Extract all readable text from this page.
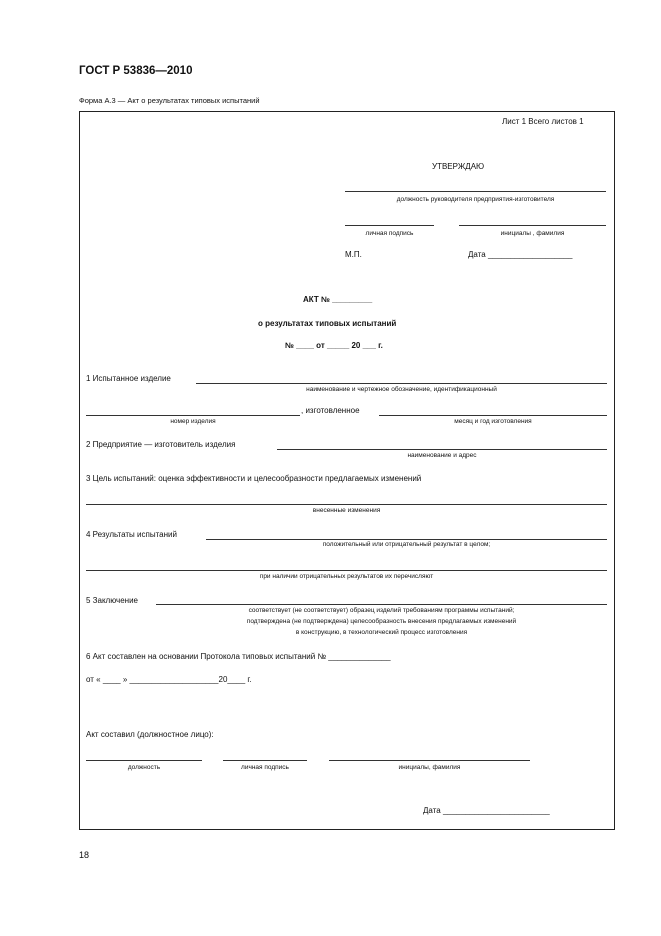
ГОСТ Р 53836—2010
Форма А.3 — Акт о результатах типовых испытаний
Лист 1 Всего листов 1
УТВЕРЖДАЮ
должность руководителя предприятия-изготовителя
личная подпись	инициалы , фамилия
М.П.	Дата ___________________
АКТ № _________
о результатах типовых испытаний
№ ____ от _____ 20 ___ г.
1 Испытанное изделие
наименование и чертежное обозначение, идентификационный
, изготовленное
номер изделия	месяц и год изготовления
2 Предприятие — изготовитель изделия
наименование и адрес
3 Цель испытаний: оценка эффективности и целесообразности предлагаемых изменений
внесенные изменения
4 Результаты испытаний
положительный или отрицательный результат в целом;
при наличии отрицательных результатов их перечисляют
5 Заключение
соответствует (не соответствует) образец изделий требованиям программы испытаний;
подтверждена (не подтверждена) целесообразность внесения предлагаемых изменений
в конструкцию, в технологический процесс изготовления
6 Акт составлен на основании Протокола типовых испытаний № ______________
от « ____ » ____________________20____ г.
Акт составил (должностное лицо):
должность	личная подпись	инициалы, фамилия
Дата ________________________
18
